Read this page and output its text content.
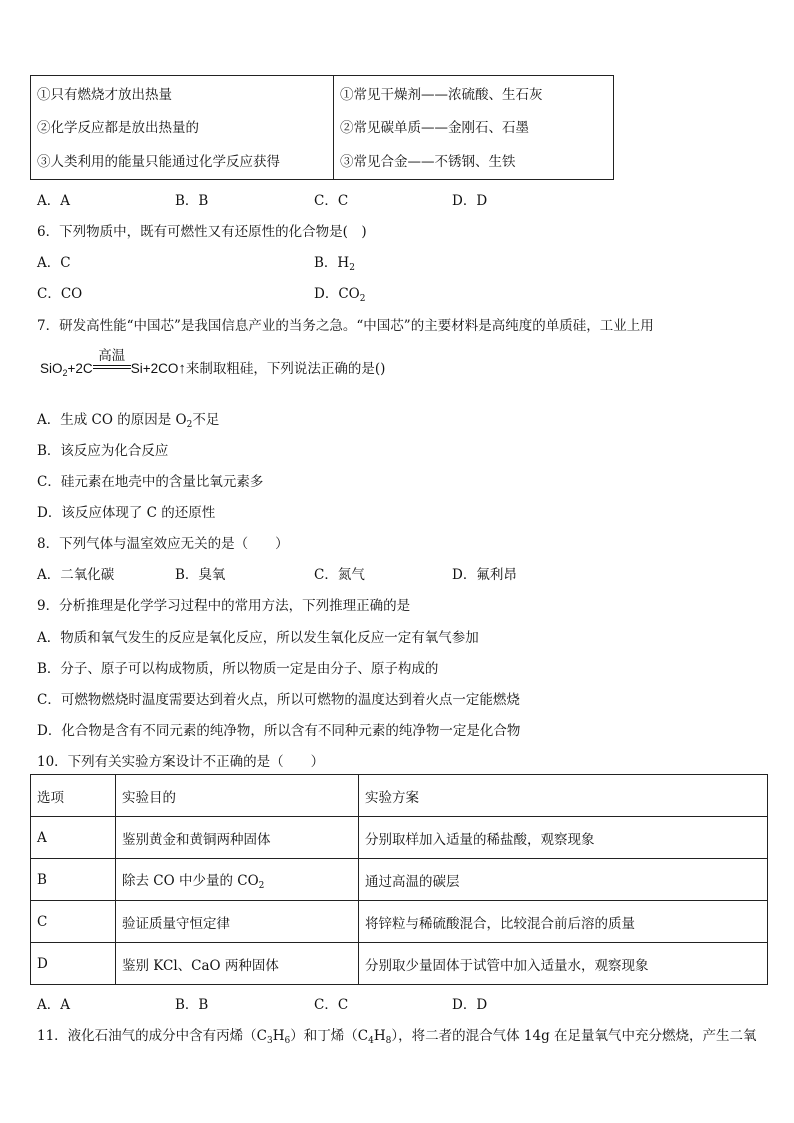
①只有燃烧才放出热量	①常见干燥剂——浓硫酸、生石灰
②化学反应都是放出热量的	②常见碳单质——金刚石、石墨
③人类利用的能量只能通过化学反应获得	③常见合金——不锈钢、生铁
A．A	B．B	C．C	D．D
6．下列物质中，既有可燃性又有还原性的化合物是(　)
A．C	B．$H_2$
C．CO	D．$CO_2$
7．研发高性能“中国芯”是我国信息产业的当务之急。“中国芯”的主要材料是高纯度的单质硅，工业上用
SiO$_2$+2C
高温
Si+2CO↑来制取粗硅，下列说法正确的是()
A．生成 CO 的原因是 $O_2$不足
B．该反应为化合反应
C．硅元素在地壳中的含量比氧元素多
D．该反应体现了 C 的还原性
8．下列气体与温室效应无关的是（　　）
A．二氧化碳	B．臭氧	C．氮气	D．氟利昂
9．分析推理是化学学习过程中的常用方法，下列推理正确的是
A．物质和氧气发生的反应是氧化反应，所以发生氧化反应一定有氧气参加
B．分子、原子可以构成物质，所以物质一定是由分子、原子构成的
C．可燃物燃烧时温度需要达到着火点，所以可燃物的温度达到着火点一定能燃烧
D．化合物是含有不同元素的纯净物，所以含有不同种元素的纯净物一定是化合物
10．下列有关实验方案设计不正确的是（　　）
选项	实验目的	实验方案
A	鉴别黄金和黄铜两种固体	分别取样加入适量的稀盐酸，观察现象
B	除去 CO 中少量的 $CO_2$	通过高温的碳层
C	验证质量守恒定律	将锌粒与稀硫酸混合，比较混合前后溶的质量
D	鉴别 KCl、CaO 两种固体	分别取少量固体于试管中加入适量水，观察现象
A．A	B．B	C．C	D．D
11．液化石油气的成分中含有丙烯$(C_3H_6)$和丁烯$(C_4H_8)$，将二者的混合气体 14g 在足量氧气中充分燃烧，产生二氧
